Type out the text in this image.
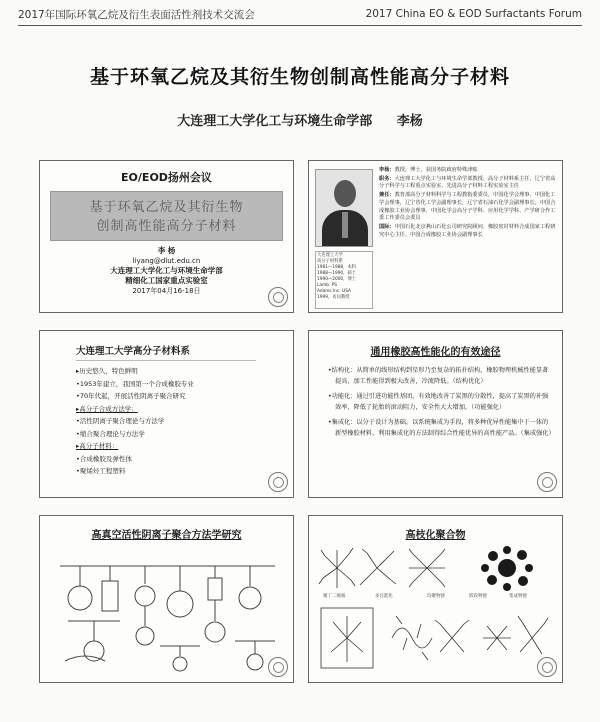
2017年国际环氧乙烷及衍生表面活性剂技术交流会	2017 China EO & EOD Surfactants Forum
基于环氧乙烷及其衍生物创制高性能高分子材料
大连理工大学化工与环境生命学部 李杨
EO/EOD扬州会议
基于环氧乙烷及其衍生物
创制高性能高分子材料
李 杨
liyang@dlut.edu.cn
大连理工大学化工与环境生命学部
精细化工国家重点实验室
2017年04月16-18日

大连理工大学

高分子材料系

1981—1988，本科

1988—1990，硕士

1990—2000，博士

Lamb. PS

Adams Inc. USA

1999，访问教授

李杨：教授，博士，获国务院政府特殊津贴

职务：大连理工大学化工与环境生命学部教授、高分子材料系主任，辽宁省高分子科学与工程重点实验室、先进高分子材料工程实验室主任

兼任：教育部高分子材料科学与工程教指委委员，中国化学会理事，中国化工学会理事，辽宁省化工学会副理事长，辽宁省石油石化学会副理事长，中国合成橡胶工业协会理事，中国化学会高分子学科、应用化学学科、产学研合作工委工作委员会委员

国际：中国石化北京燕山石化公司研究院顾问、橡胶密封材料合成国家工程研究中心主任、中国合成橡胶工业协会副理事长

大连理工大学高分子材料系
▸ 历史悠久，特色鲜明
• 1953年建立，我国第一个合成橡胶专业
• 70年代起，开展活性阴离子聚合研究
▸ 高分子合成方法学：
• 活性阴离子聚合理论与方法学
• 缩合聚合理论与方法学
▸ 高分子材料：
• 合成橡胶及弹性体
• 聚烯烃工程塑料
通用橡胶高性能化的有效途径
• 结构化：从简单的线形结构到星形乃至复杂的拓扑结构，橡胶物理机械性能显著提高，加工性能得到极大改善，冷流降低。（结构优化）
• 功能化：通过引进功能性基团，有效地改善了炭黑的分散性，提高了炭黑的补强效率，降低了轮胎的滚动阻力，安全性大大增加。（功能强化）
• 集成化：以分子设计为基础，以系统集成为手段，将多种优异性能集中于一体的新型橡胶材料，利用集成化的方法制得综合性能优异的高性能产品。（集成强化）
高真空活性阴离子聚合方法学研究	高枝化聚合物
聚丁二烯核	多官能化	均聚物链	嵌段物链	集成物链
